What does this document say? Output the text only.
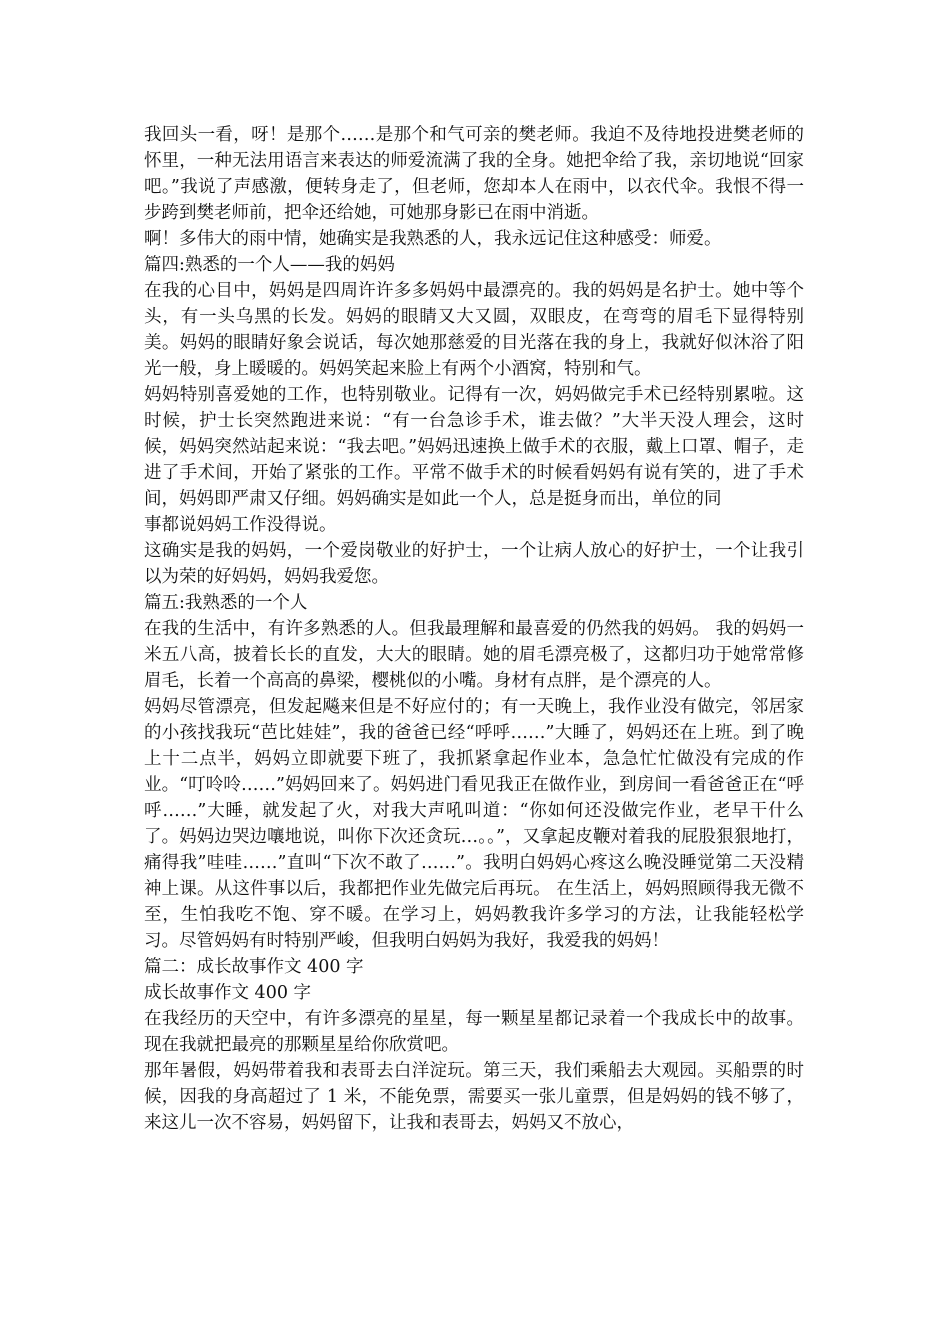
我回头一看，呀！是那个……是那个和气可亲的樊老师。我迫不及待地投进樊老师的怀里，一种无法用语言来表达的师爱流满了我的全身。她把伞给了我，亲切地说“回家吧。”我说了声感激，便转身走了，但老师，您却本人在雨中，以衣代伞。我恨不得一步跨到樊老师前，把伞还给她，可她那身影已在雨中消逝。

啊！多伟大的雨中情，她确实是我熟悉的人，我永远记住这种感受：师爱。

篇四:熟悉的一个人——我的妈妈

在我的心目中，妈妈是四周许许多多妈妈中最漂亮的。我的妈妈是名护士。她中等个头，有一头乌黑的长发。妈妈的眼睛又大又圆，双眼皮，在弯弯的眉毛下显得特别美。妈妈的眼睛好象会说话，每次她那慈爱的目光落在我的身上，我就好似沐浴了阳光一般，身上暖暖的。妈妈笑起来脸上有两个小酒窝，特别和气。

妈妈特别喜爱她的工作，也特别敬业。记得有一次，妈妈做完手术已经特别累啦。这时候，护士长突然跑进来说：“有一台急诊手术，谁去做？”大半天没人理会，这时候，妈妈突然站起来说：“我去吧。”妈妈迅速换上做手术的衣服，戴上口罩、帽子，走进了手术间，开始了紧张的工作。平常不做手术的时候看妈妈有说有笑的，进了手术间，妈妈即严肃又仔细。妈妈确实是如此一个人，总是挺身而出，单位的同

事都说妈妈工作没得说。

这确实是我的妈妈，一个爱岗敬业的好护士，一个让病人放心的好护士，一个让我引以为荣的好妈妈，妈妈我爱您。

篇五:我熟悉的一个人

在我的生活中，有许多熟悉的人。但我最理解和最喜爱的仍然我的妈妈。 我的妈妈一米五八高，披着长长的直发，大大的眼睛。她的眉毛漂亮极了，这都归功于她常常修眉毛，长着一个高高的鼻梁，樱桃似的小嘴。身材有点胖，是个漂亮的人。

妈妈尽管漂亮，但发起飚来但是不好应付的；有一天晚上，我作业没有做完，邻居家的小孩找我玩“芭比娃娃”，我的爸爸已经“呼呼……”大睡了，妈妈还在上班。到了晚上十二点半，妈妈立即就要下班了，我抓紧拿起作业本，急急忙忙做没有完成的作业。“叮呤呤……”妈妈回来了。妈妈进门看见我正在做作业，到房间一看爸爸正在“呼呼……”大睡，就发起了火，对我大声吼叫道：“你如何还没做完作业，老早干什么了。妈妈边哭边嚷地说，叫你下次还贪玩…。。”，又拿起皮鞭对着我的屁股狠狠地打，痛得我”哇哇……”直叫“下次不敢了……”。我明白妈妈心疼这么晚没睡觉第二天没精神上课。从这件事以后，我都把作业先做完后再玩。 在生活上，妈妈照顾得我无微不至，生怕我吃不饱、穿不暖。在学习上，妈妈教我许多学习的方法，让我能轻松学习。尽管妈妈有时特别严峻，但我明白妈妈为我好，我爱我的妈妈！

篇二：成长故事作文 400 字

成长故事作文 400 字

在我经历的天空中，有许多漂亮的星星，每一颗星星都记录着一个我成长中的故事。现在我就把最亮的那颗星星给你欣赏吧。

那年暑假，妈妈带着我和表哥去白洋淀玩。第三天，我们乘船去大观园。买船票的时候，因我的身高超过了 1 米，不能免票，需要买一张儿童票，但是妈妈的钱不够了，来这儿一次不容易，妈妈留下，让我和表哥去，妈妈又不放心，
